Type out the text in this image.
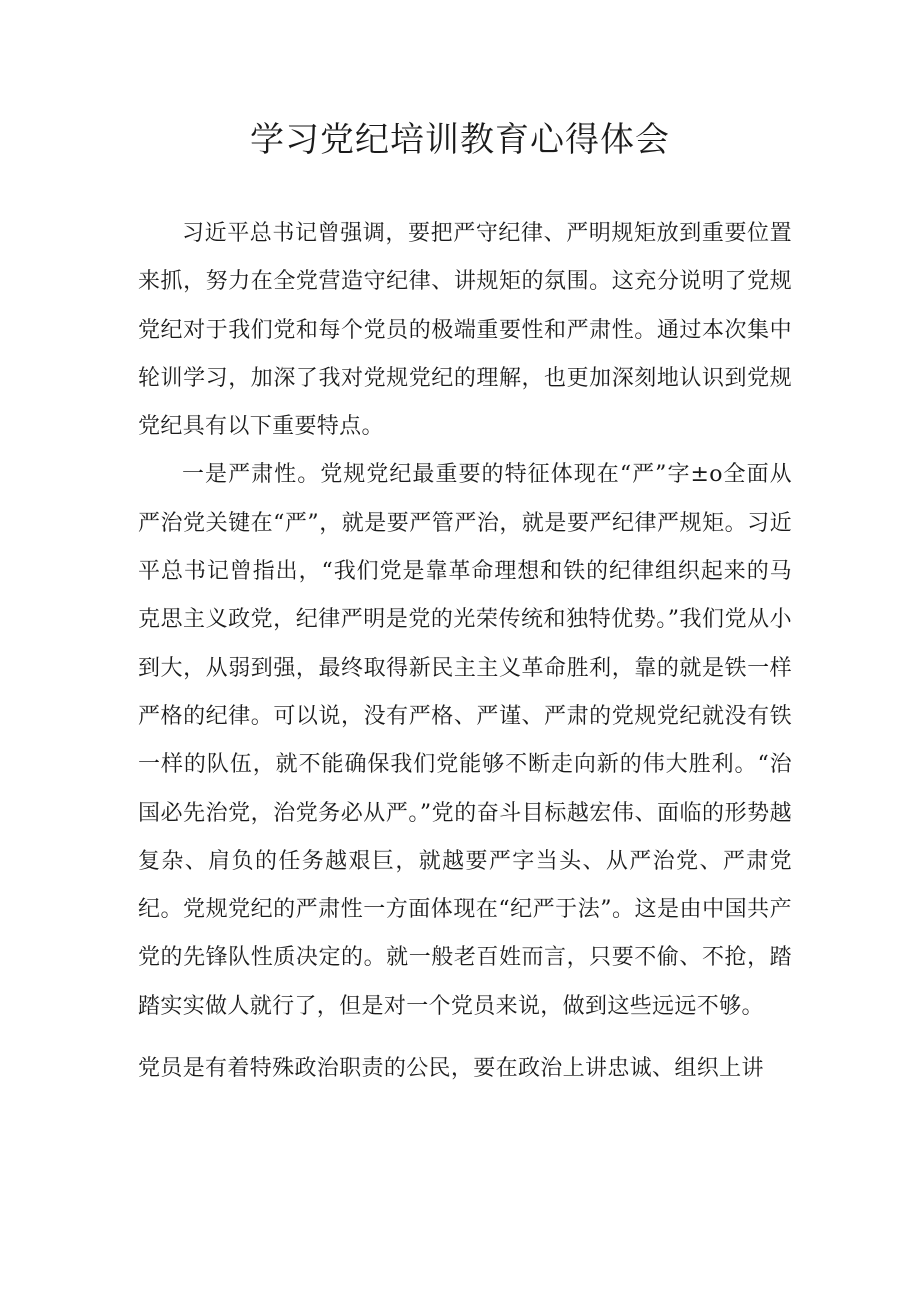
学习党纪培训教育心得体会

习近平总书记曾强调，要把严守纪律、严明规矩放到重要位置来抓，努力在全党营造守纪律、讲规矩的氛围。这充分说明了党规党纪对于我们党和每个党员的极端重要性和严肃性。通过本次集中轮训学习，加深了我对党规党纪的理解，也更加深刻地认识到党规党纪具有以下重要特点。

一是严肃性。党规党纪最重要的特征体现在“严”字±o全面从严治党关键在“严”，就是要严管严治，就是要严纪律严规矩。习近平总书记曾指出，“我们党是靠革命理想和铁的纪律组织起来的马克思主义政党，纪律严明是党的光荣传统和独特优势。”我们党从小到大，从弱到强，最终取得新民主主义革命胜利，靠的就是铁一样严格的纪律。可以说，没有严格、严谨、严肃的党规党纪就没有铁一样的队伍，就不能确保我们党能够不断走向新的伟大胜利。“治国必先治党，治党务必从严。”党的奋斗目标越宏伟、面临的形势越复杂、肩负的任务越艰巨，就越要严字当头、从严治党、严肃党纪。党规党纪的严肃性一方面体现在“纪严于法”。这是由中国共产党的先锋队性质决定的。就一般老百姓而言，只要不偷、不抢，踏踏实实做人就行了，但是对一个党员来说，做到这些远远不够。

党员是有着特殊政治职责的公民，要在政治上讲忠诚、组织上讲
